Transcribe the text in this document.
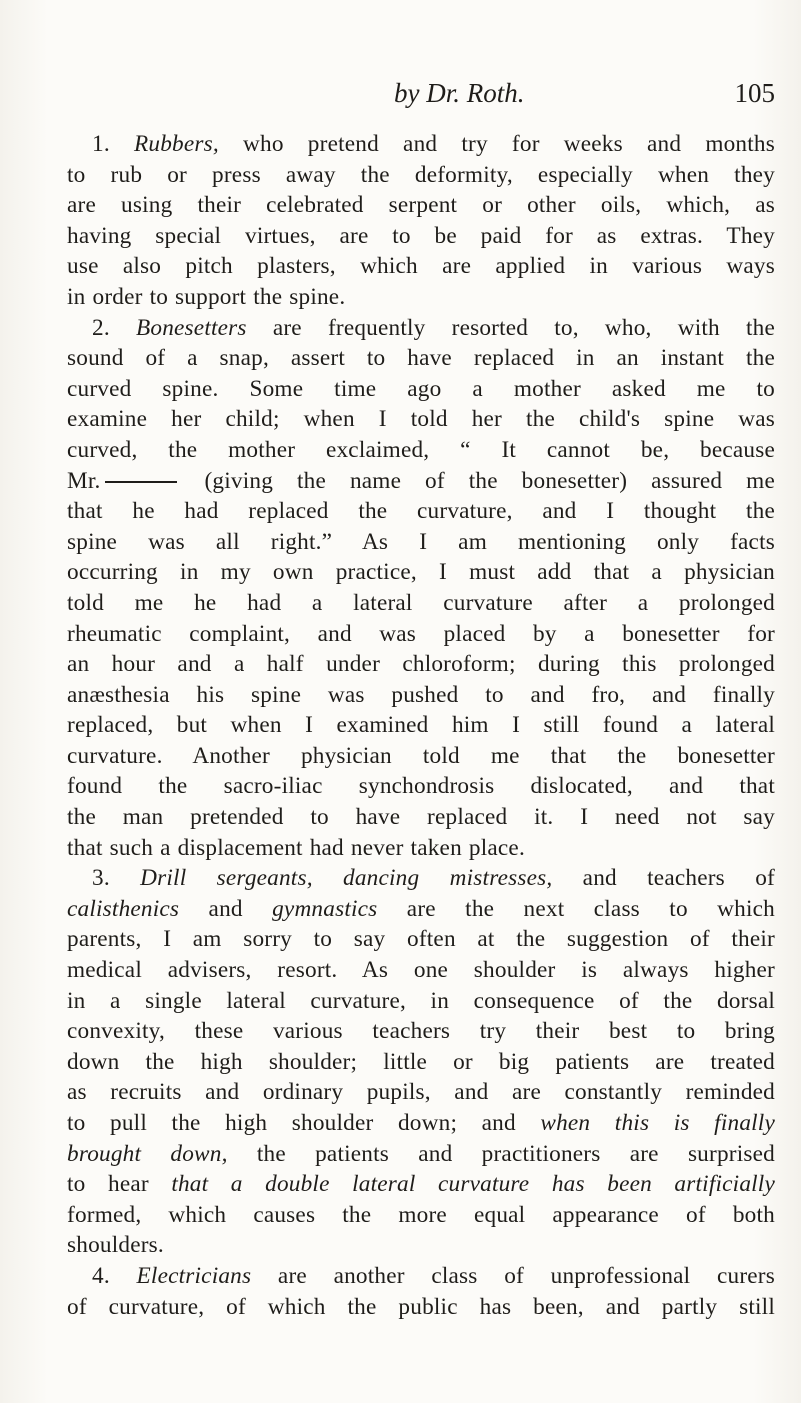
by Dr. Roth.	105
1. Rubbers, who pretend and try for weeks and months
to rub or press away the deformity, especially when they
are using their celebrated serpent or other oils, which, as
having special virtues, are to be paid for as extras. They
use also pitch plasters, which are applied in various ways
in order to support the spine.
2. Bonesetters are frequently resorted to, who, with the
sound of a snap, assert to have replaced in an instant the
curved spine. Some time ago a mother asked me to
examine her child; when I told her the child's spine was
curved, the mother exclaimed, “ It cannot be, because
Mr.	(giving the name of the bonesetter) assured me
that he had replaced the curvature, and I thought the
spine was all right.” As I am mentioning only facts
occurring in my own practice, I must add that a physician
told me he had a lateral curvature after a prolonged
rheumatic complaint, and was placed by a bonesetter for
an hour and a half under chloroform; during this prolonged
anæsthesia his spine was pushed to and fro, and finally
replaced, but when I examined him I still found a lateral
curvature. Another physician told me that the bonesetter
found the sacro-iliac synchondrosis dislocated, and that
the man pretended to have replaced it. I need not say
that such a displacement had never taken place.
3. Drill sergeants, dancing mistresses, and teachers of
calisthenics and gymnastics are the next class to which
parents, I am sorry to say often at the suggestion of their
medical advisers, resort. As one shoulder is always higher
in a single lateral curvature, in consequence of the dorsal
convexity, these various teachers try their best to bring
down the high shoulder; little or big patients are treated
as recruits and ordinary pupils, and are constantly reminded
to pull the high shoulder down; and when this is finally
brought down, the patients and practitioners are surprised
to hear that a double lateral curvature has been artificially
formed, which causes the more equal appearance of both
shoulders.
4. Electricians are another class of unprofessional curers
of curvature, of which the public has been, and partly still
